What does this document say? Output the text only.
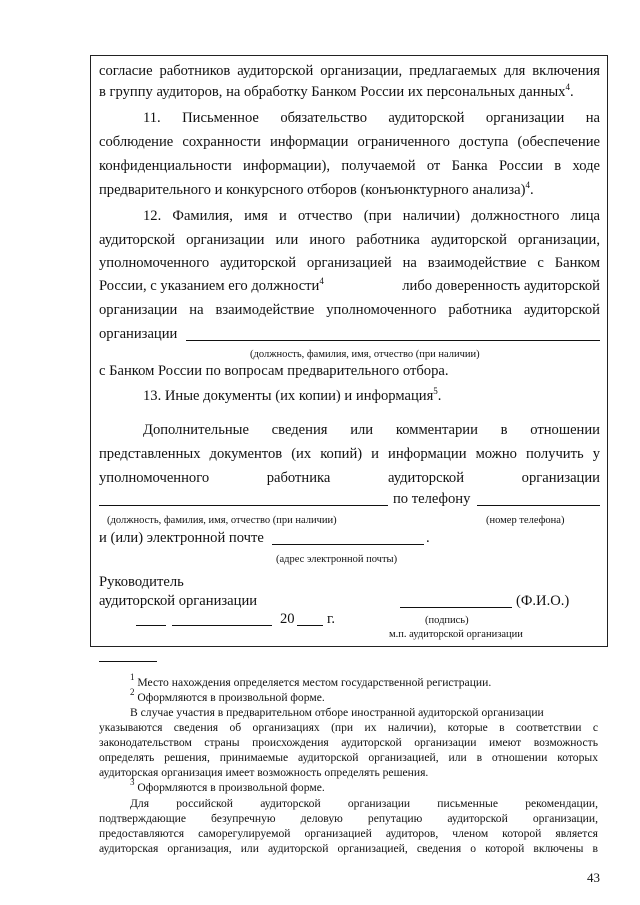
согласие работников аудиторской организации, предлагаемых для включения
в группу аудиторов, на обработку Банком России их персональных данных$^4$.
11. Письменное обязательство аудиторской организации на
соблюдение сохранности информации ограниченного доступа (обеспечение
конфиденциальности информации), получаемой от Банка России в ходе
предварительного и конкурсного отборов (конъюнктурного анализа)$^4$.
12. Фамилия, имя и отчество (при наличии) должностного лица
аудиторской организации или иного работника аудиторской организации,
уполномоченного аудиторской организацией на взаимодействие с Банком
России, с указанием его должности$^4$	либо доверенность аудиторской
организации на взаимодействие уполномоченного работника аудиторской
организации
(должность, фамилия, имя, отчество (при наличии)
с Банком России по вопросам предварительного отбора.
13. Иные документы (их копии) и информация$^5$.
Дополнительные сведения или комментарии в отношении
представленных документов (их копий) и информации можно получить у
уполномоченного работника аудиторской организации
по телефону
(должность, фамилия, имя, отчество (при наличии)	(номер телефона)
и (или) электронной почте	.
(адрес электронной почты)
Руководитель
аудиторской организации	(Ф.И.О.)
20 г.	(подпись)
м.п. аудиторской организации
$^1$ Место нахождения определяется местом государственной регистрации.
$^2$ Оформляются в произвольной форме.
В случае участия в предварительном отборе иностранной аудиторской организации
указываются сведения об организациях (при их наличии), которые в соответствии с
законодательством страны происхождения аудиторской организации имеют возможность
определять решения, принимаемые аудиторской организацией, или в отношении которых
аудиторская организация имеет возможность определять решения.
$^3$ Оформляются в произвольной форме.
Для российской аудиторской организации письменные рекомендации,
подтверждающие безупречную деловую репутацию аудиторской организации,
предоставляются саморегулируемой организацией аудиторов, членом которой является
аудиторская организация, или аудиторской организацией, сведения о которой включены в
43
